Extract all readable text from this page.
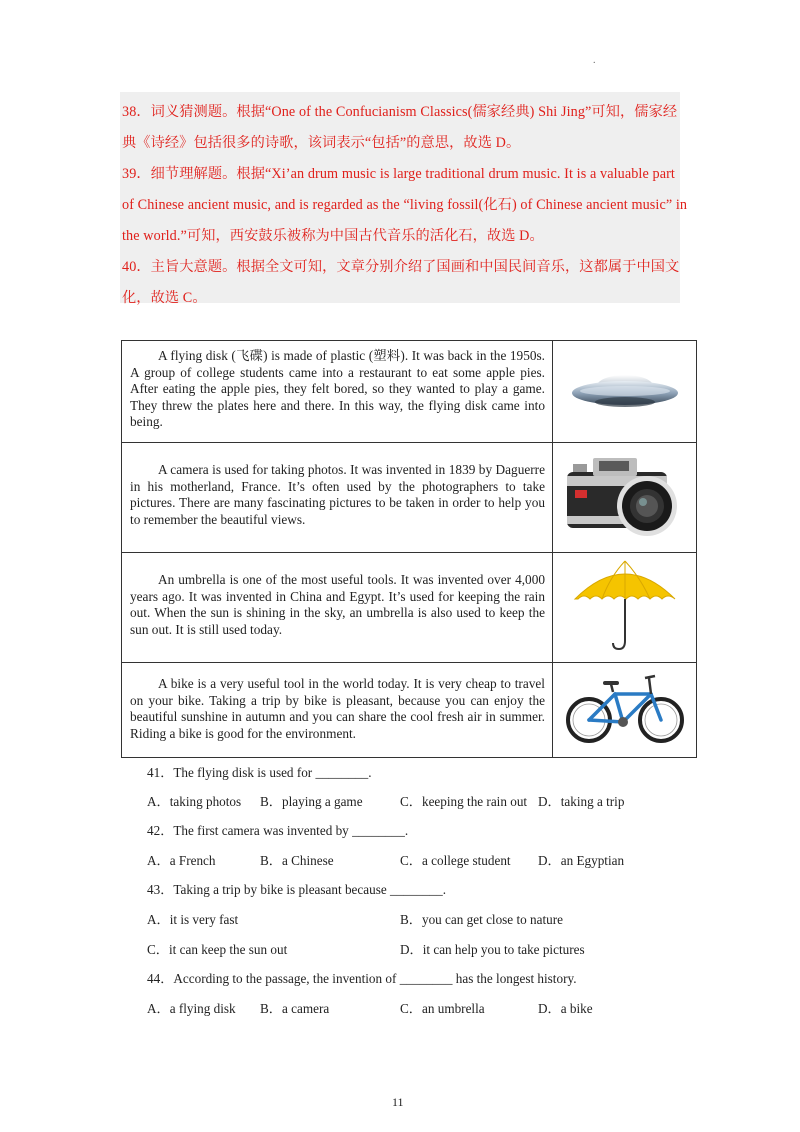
.
38．词义猜测题。根据“One of the Confucianism Classics(儒家经典) Shi Jing”可知，儒家经
典《诗经》包括很多的诗歌，该词表示“包括”的意思，故选 D。
39．细节理解题。根据“Xi’an drum music is large traditional drum music. It is a valuable part
of Chinese ancient music, and is regarded as the “living fossil(化石) of Chinese ancient music” in
the world.”可知，西安鼓乐被称为中国古代音乐的活化石，故选 D。
40．主旨大意题。根据全文可知，文章分别介绍了国画和中国民间音乐，这都属于中国文
化，故选 C。

A flying disk (飞碟) is made of plastic (塑料). It was back in the 1950s. A group of college students came into a restaurant to eat some apple pies. After eating the apple pies, they felt bored, so they wanted to play a game. They threw the plates here and there. In this way, the flying disk came into being.

A camera is used for taking photos. It was invented in 1839 by Daguerre in his motherland, France. It’s often used by the photographers to take pictures. There are many fascinating pictures to be taken in order to help you to remember the beautiful views.

An umbrella is one of the most useful tools. It was invented over 4,000 years ago. It was invented in China and Egypt. It’s used for keeping the rain out. When the sun is shining in the sky, an umbrella is also used to keep the sun out. It is still used today.

A bike is a very useful tool in the world today. It is very cheap to travel on your bike. Taking a trip by bike is pleasant, because you can enjoy the beautiful sunshine in autumn and you can share the cool fresh air in summer. Riding a bike is good for the environment.

41．The flying disk is used for ________.
A．taking photos B．playing a game	C．keeping the rain out D．taking a trip
42．The first camera was invented by ________.
A．a French	B．a Chinese	C．a college student D．an Egyptian
43．Taking a trip by bike is pleasant because ________.
A．it is very fast	B．you can get close to nature
C．it can keep the sun out	D．it can help you to take pictures
44．According to the passage, the invention of ________ has the longest history.
A．a flying disk B．a camera	C．an umbrella	D．a bike
11
